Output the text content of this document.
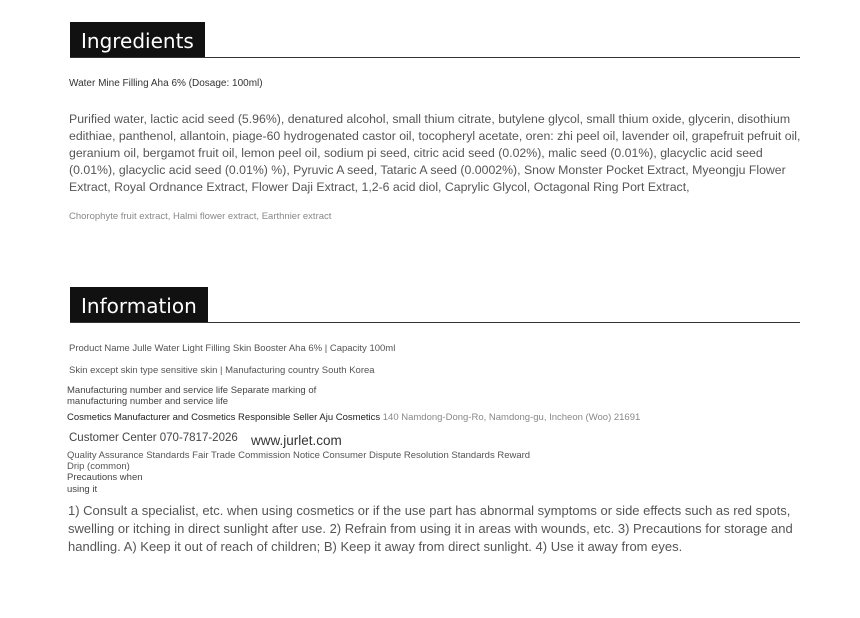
Ingredients
Water Mine Filling Aha 6% (Dosage: 100ml)
Purified water, lactic acid seed (5.96%), denatured alcohol, small thium citrate, butylene glycol, small thium oxide, glycerin, disothium edithiae, panthenol, allantoin, piage-60 hydrogenated castor oil, tocopheryl acetate, oren: zhi peel oil, lavender oil, grapefruit pefruit oil, geranium oil, bergamot fruit oil, lemon peel oil, sodium pi seed, citric acid seed (0.02%), malic seed (0.01%), glacyclic acid seed (0.01%), glacyclic acid seed (0.01%) %), Pyruvic A seed, Tataric A seed (0.0002%), Snow Monster Pocket Extract, Myeongju Flower Extract, Royal Ordnance Extract, Flower Daji Extract, 1,2-6 acid diol, Caprylic Glycol, Octagonal Ring Port Extract,
Chorophyte fruit extract, Halmi flower extract, Earthnier extract
Information
Product Name Julle Water Light Filling Skin Booster Aha 6% | Capacity 100ml
Skin except skin type sensitive skin | Manufacturing country South Korea
Manufacturing number and service life Separate marking of
manufacturing number and service life
Cosmetics Manufacturer and Cosmetics Responsible Seller Aju Cosmetics 140 Namdong-Dong-Ro, Namdong-gu, Incheon (Woo) 21691
Customer Center 070-7817-2026 www.jurlet.com
Quality Assurance Standards Fair Trade Commission Notice Consumer Dispute Resolution Standards Reward
Drip (common)
Precautions when
using it
1) Consult a specialist, etc. when using cosmetics or if the use part has abnormal symptoms or side effects such as red spots, swelling or itching in direct sunlight after use. 2) Refrain from using it in areas with wounds, etc. 3) Precautions for storage and handling. A) Keep it out of reach of children; B) Keep it away from direct sunlight. 4) Use it away from eyes.
